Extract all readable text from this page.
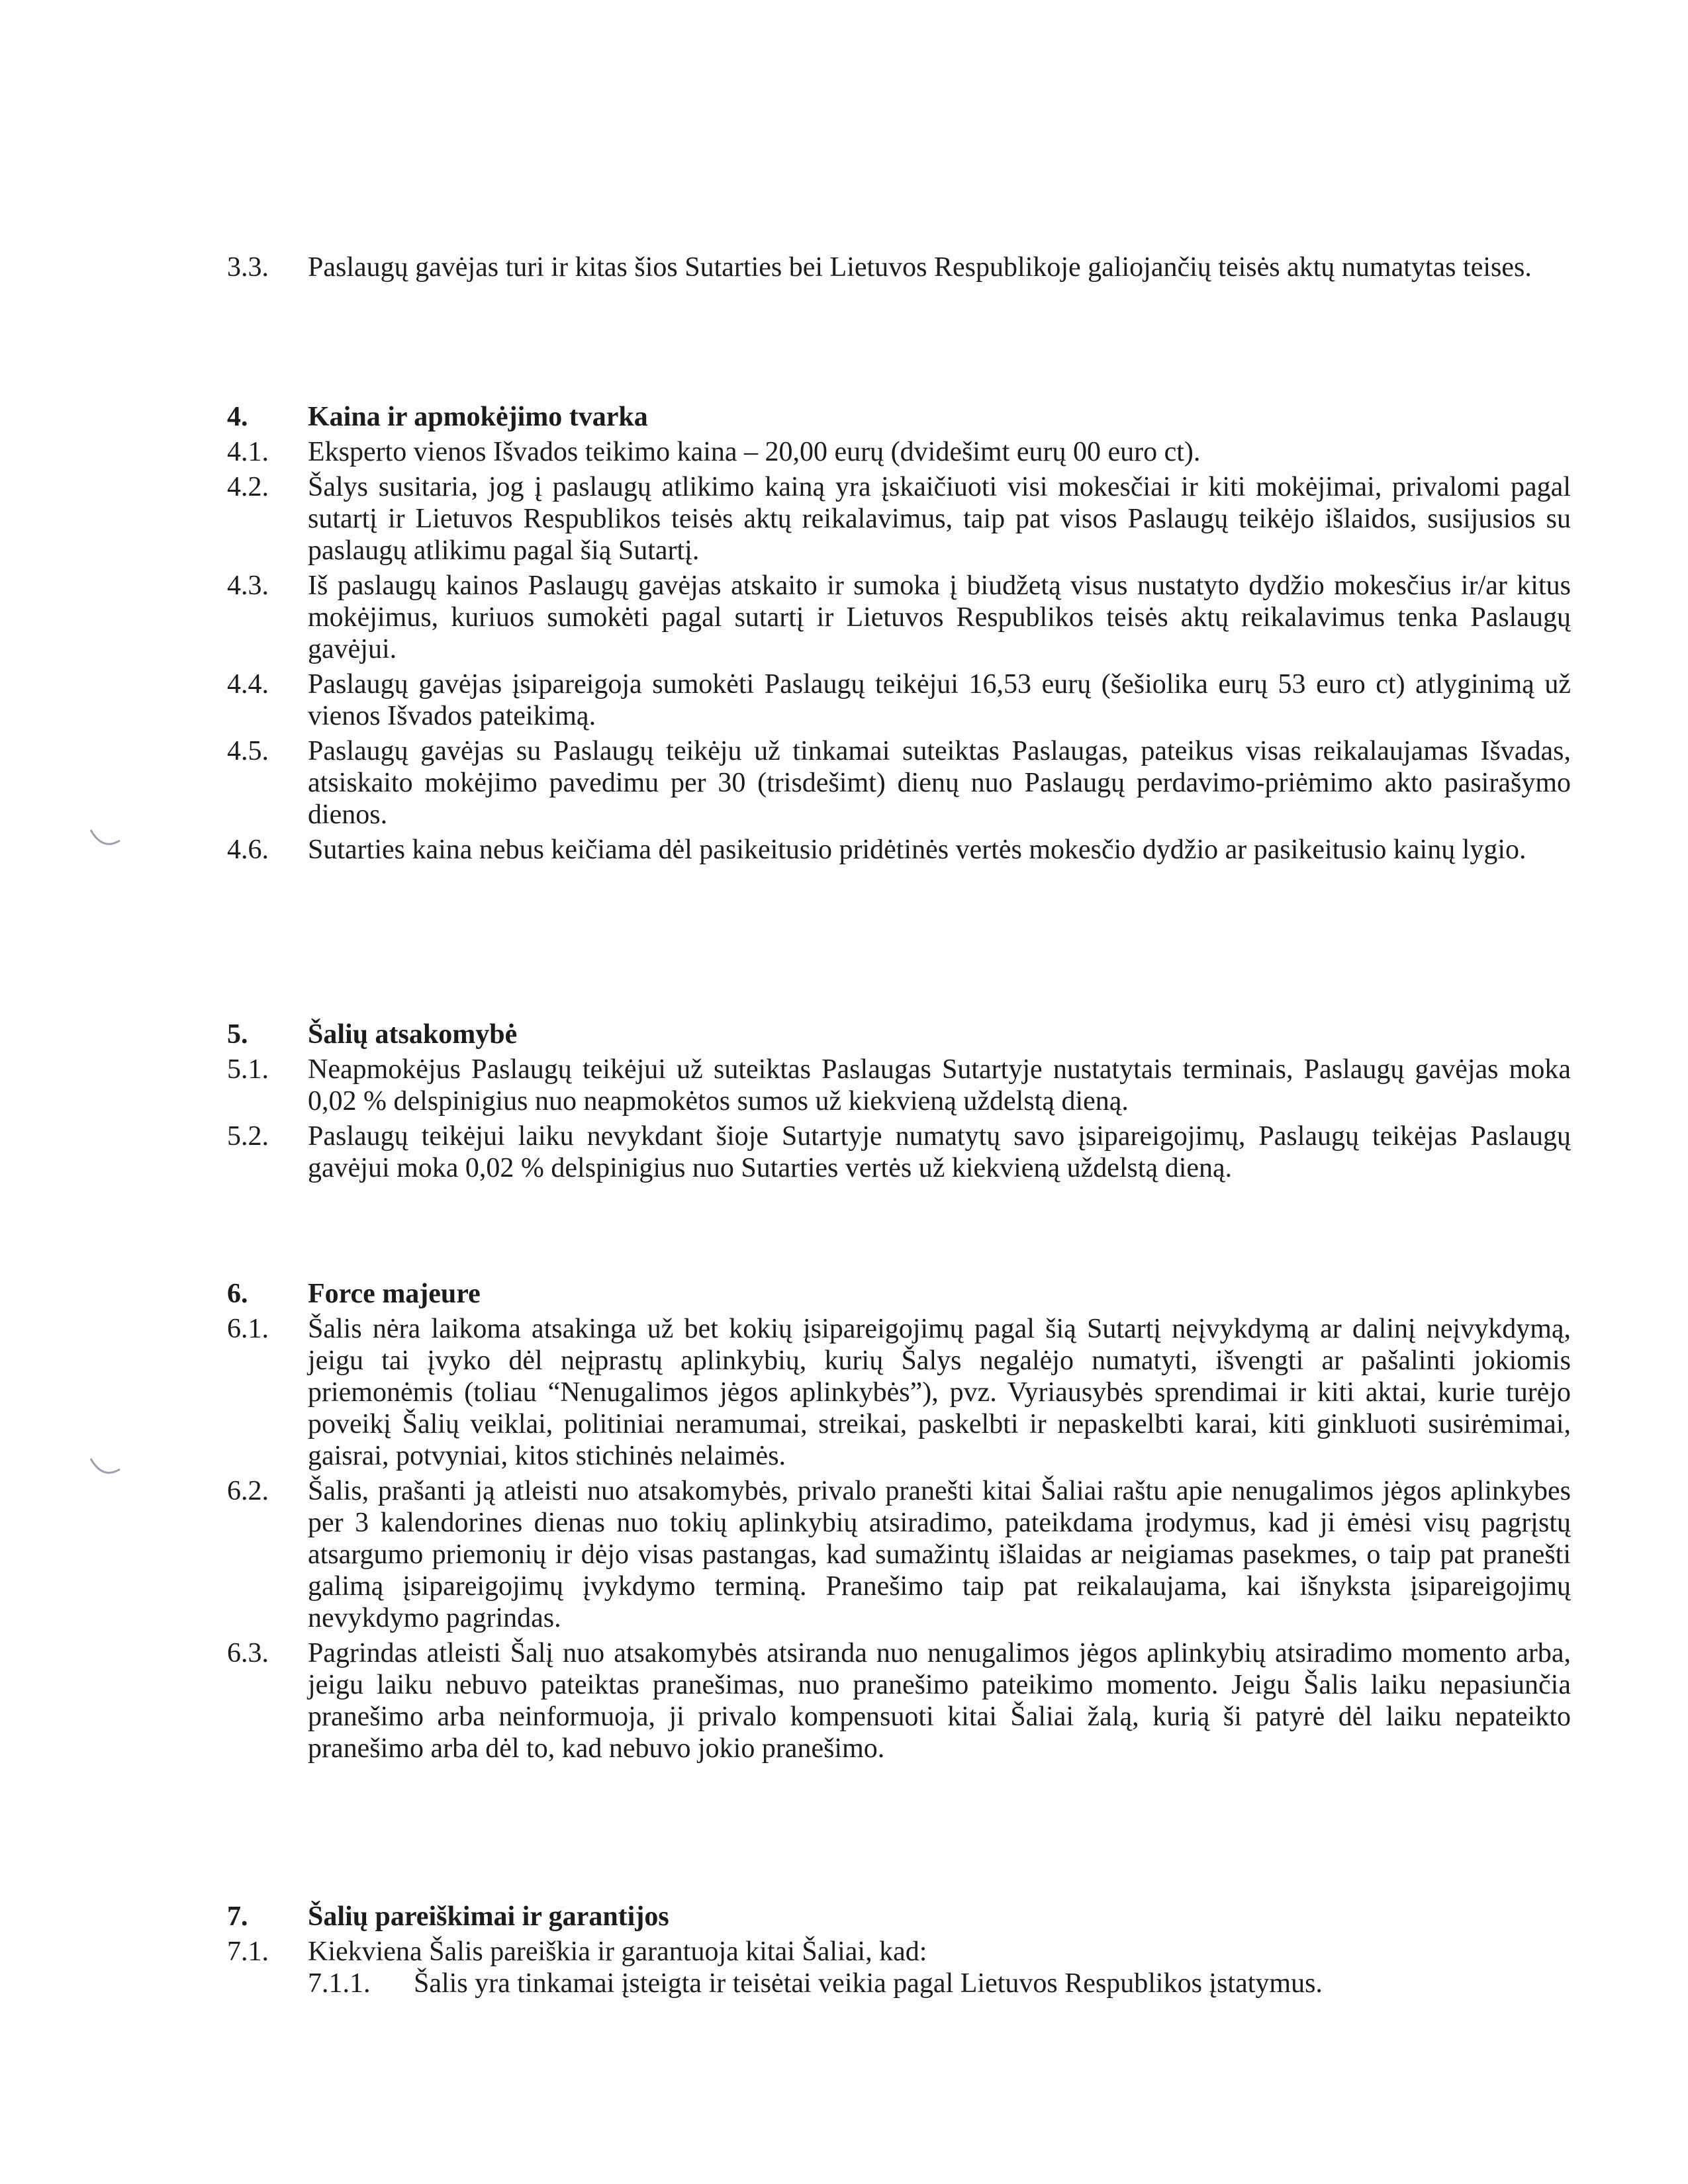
3.3.	Paslaugų gavėjas turi ir kitas šios Sutarties bei Lietuvos Respublikoje galiojančių teisės aktų numatytas teises.
4.	Kaina ir apmokėjimo tvarka
4.1.	Eksperto vienos Išvados teikimo kaina – 20,00 eurų (dvidešimt eurų 00 euro ct).
4.2.	Šalys susitaria, jog į paslaugų atlikimo kainą yra įskaičiuoti visi mokesčiai ir kiti mokėjimai, privalomi pagal sutartį ir Lietuvos Respublikos teisės aktų reikalavimus, taip pat visos Paslaugų teikėjo išlaidos, susijusios su paslaugų atlikimu pagal šią Sutartį.
4.3.	Iš paslaugų kainos Paslaugų gavėjas atskaito ir sumoka į biudžetą visus nustatyto dydžio mokesčius ir/ar kitus mokėjimus, kuriuos sumokėti pagal sutartį ir Lietuvos Respublikos teisės aktų reikalavimus tenka Paslaugų gavėjui.
4.4.	Paslaugų gavėjas įsipareigoja sumokėti Paslaugų teikėjui 16,53 eurų (šešiolika eurų 53 euro ct) atlyginimą už vienos Išvados pateikimą.
4.5.	Paslaugų gavėjas su Paslaugų teikėju už tinkamai suteiktas Paslaugas, pateikus visas reikalaujamas Išvadas, atsiskaito mokėjimo pavedimu per 30 (trisdešimt) dienų nuo Paslaugų perdavimo-priėmimo akto pasirašymo dienos.
4.6.	Sutarties kaina nebus keičiama dėl pasikeitusio pridėtinės vertės mokesčio dydžio ar pasikeitusio kainų lygio.
5.	Šalių atsakomybė
5.1.	Neapmokėjus Paslaugų teikėjui už suteiktas Paslaugas Sutartyje nustatytais terminais, Paslaugų gavėjas moka 0,02 % delspinigius nuo neapmokėtos sumos už kiekvieną uždelstą dieną.
5.2.	Paslaugų teikėjui laiku nevykdant šioje Sutartyje numatytų savo įsipareigojimų, Paslaugų teikėjas Paslaugų gavėjui moka 0,02 % delspinigius nuo Sutarties vertės už kiekvieną uždelstą dieną.
6.	Force majeure
6.1.	Šalis nėra laikoma atsakinga už bet kokių įsipareigojimų pagal šią Sutartį neįvykdymą ar dalinį neįvykdymą, jeigu tai įvyko dėl neįprastų aplinkybių, kurių Šalys negalėjo numatyti, išvengti ar pašalinti jokiomis priemonėmis (toliau “Nenugalimos jėgos aplinkybės”), pvz. Vyriausybės sprendimai ir kiti aktai, kurie turėjo poveikį Šalių veiklai, politiniai neramumai, streikai, paskelbti ir nepaskelbti karai, kiti ginkluoti susirėmimai, gaisrai, potvyniai, kitos stichinės nelaimės.
6.2.	Šalis, prašanti ją atleisti nuo atsakomybės, privalo pranešti kitai Šaliai raštu apie nenugalimos jėgos aplinkybes per 3 kalendorines dienas nuo tokių aplinkybių atsiradimo, pateikdama įrodymus, kad ji ėmėsi visų pagrįstų atsargumo priemonių ir dėjo visas pastangas, kad sumažintų išlaidas ar neigiamas pasekmes, o taip pat pranešti galimą įsipareigojimų įvykdymo terminą. Pranešimo taip pat reikalaujama, kai išnyksta įsipareigojimų nevykdymo pagrindas.
6.3.	Pagrindas atleisti Šalį nuo atsakomybės atsiranda nuo nenugalimos jėgos aplinkybių atsiradimo momento arba, jeigu laiku nebuvo pateiktas pranešimas, nuo pranešimo pateikimo momento. Jeigu Šalis laiku nepasiunčia pranešimo arba neinformuoja, ji privalo kompensuoti kitai Šaliai žalą, kurią ši patyrė dėl laiku nepateikto pranešimo arba dėl to, kad nebuvo jokio pranešimo.
7.	Šalių pareiškimai ir garantijos
7.1.	Kiekviena Šalis pareiškia ir garantuoja kitai Šaliai, kad:
7.1.1.	Šalis yra tinkamai įsteigta ir teisėtai veikia pagal Lietuvos Respublikos įstatymus.
